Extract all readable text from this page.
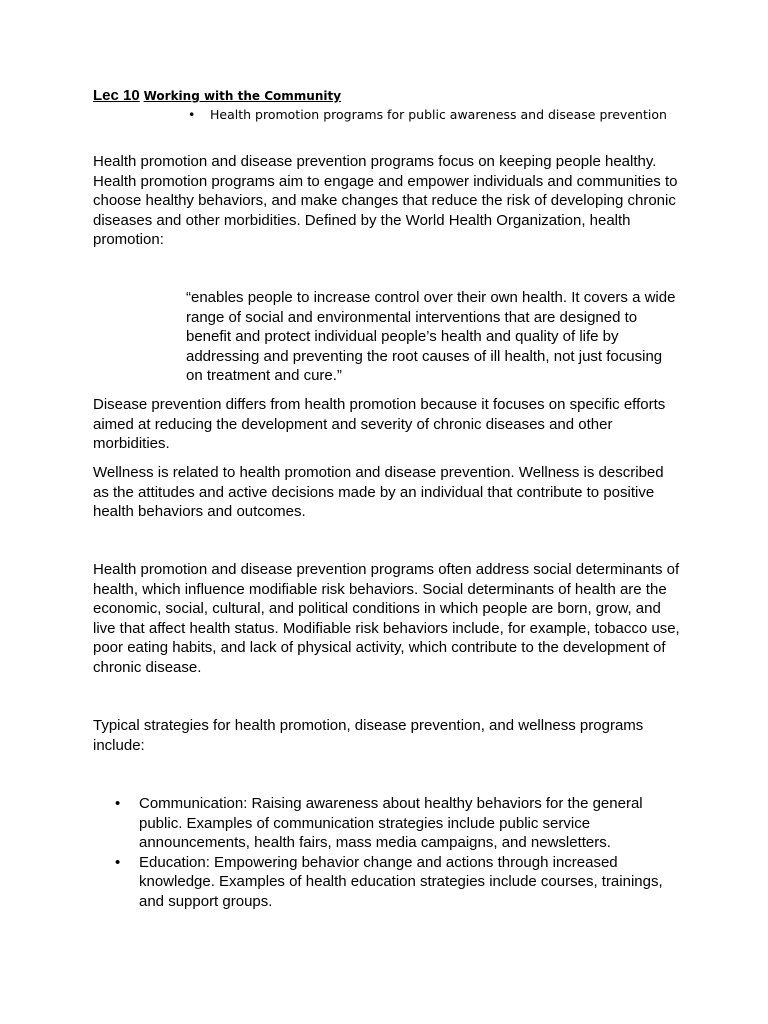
Lec 10 Working with the Community
• Health promotion programs for public awareness and disease prevention

Health promotion and disease prevention programs focus on keeping people healthy. Health promotion programs aim to engage and empower individuals and communities to choose healthy behaviors, and make changes that reduce the risk of developing chronic diseases and other morbidities. Defined by the World Health Organization, health promotion:

“enables people to increase control over their own health. It covers a wide range of social and environmental interventions that are designed to benefit and protect individual people’s health and quality of life by addressing and preventing the root causes of ill health, not just focusing on treatment and cure.”

Disease prevention differs from health promotion because it focuses on specific efforts aimed at reducing the development and severity of chronic diseases and other morbidities.

Wellness is related to health promotion and disease prevention. Wellness is described as the attitudes and active decisions made by an individual that contribute to positive health behaviors and outcomes.

Health promotion and disease prevention programs often address social determinants of health, which influence modifiable risk behaviors. Social determinants of health are the economic, social, cultural, and political conditions in which people are born, grow, and live that affect health status. Modifiable risk behaviors include, for example, tobacco use, poor eating habits, and lack of physical activity, which contribute to the development of chronic disease.

Typical strategies for health promotion, disease prevention, and wellness programs include:

• Communication: Raising awareness about healthy behaviors for the general public. Examples of communication strategies include public service announcements, health fairs, mass media campaigns, and newsletters.
• Education: Empowering behavior change and actions through increased knowledge. Examples of health education strategies include courses, trainings, and support groups.
